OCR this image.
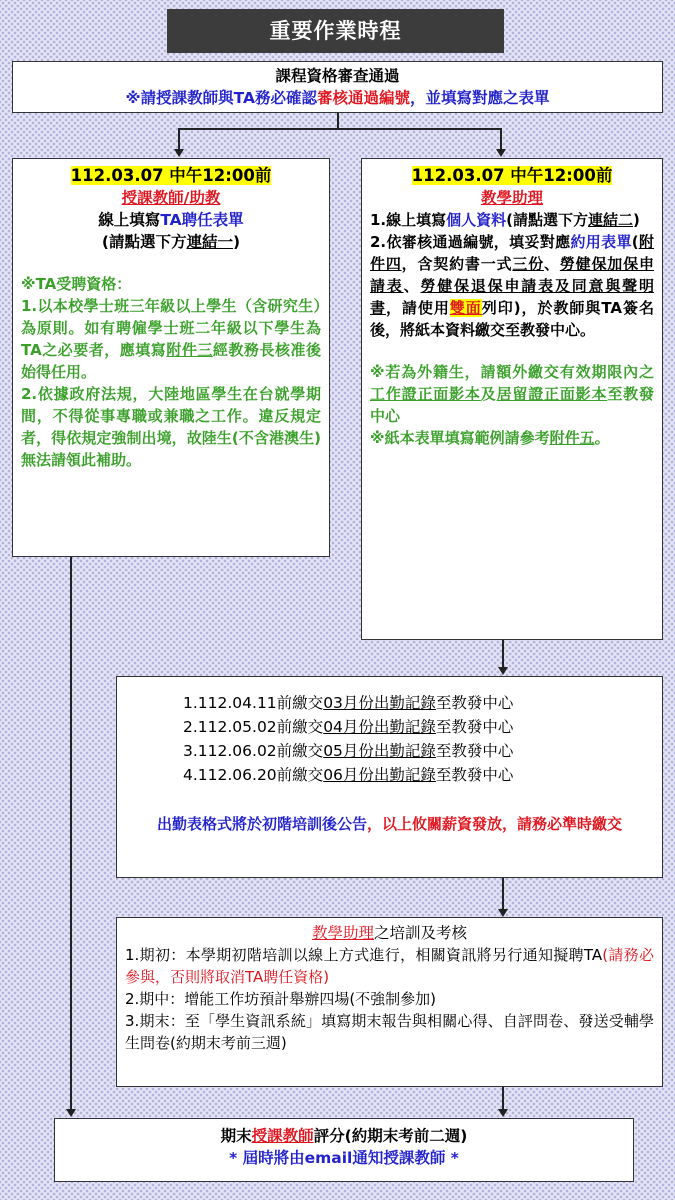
重要作業時程

課程資格審查通過

※請授課教師與TA務必確認審核通過編號，並填寫對應之表單

112.03.07 中午12:00前

授課教師/助教

線上填寫TA聘任表單

(請點選下方連結一)

※TA受聘資格：

1.以本校學士班三年級以上學生（含研究生）為原則。如有聘僱學士班二年級以下學生為TA之必要者，應填寫附件三經教務長核准後始得任用。

2.依據政府法規，大陸地區學生在台就學期間，不得從事專職或兼職之工作。違反規定者，得依規定強制出境，故陸生(不含港澳生)無法請領此補助。

112.03.07 中午12:00前

教學助理

1.線上填寫個人資料(請點選下方連結二)

2.依審核通過編號，填妥對應約用表單(附件四，含契約書一式三份、勞健保加保申請表、勞健保退保申請表及同意與聲明書，請使用雙面列印)，於教師與TA簽名後，將紙本資料繳交至教發中心。

※若為外籍生，請額外繳交有效期限內之工作證正面影本及居留證正面影本至教發中心

※紙本表單填寫範例請參考附件五。

1.112.04.11前繳交03月份出勤記錄至教發中心

2.112.05.02前繳交04月份出勤記錄至教發中心

3.112.06.02前繳交05月份出勤記錄至教發中心

4.112.06.20前繳交06月份出勤記錄至教發中心

出勤表格式將於初階培訓後公告，以上攸關薪資發放，請務必準時繳交

教學助理之培訓及考核

1.期初：本學期初階培訓以線上方式進行，相關資訊將另行通知擬聘TA(請務必參與，否則將取消TA聘任資格)

2.期中：增能工作坊預計舉辦四場(不強制參加)

3.期末：至「學生資訊系統」填寫期末報告與相關心得、自評問卷、發送受輔學生問卷(約期末考前三週)

期末授課教師評分(約期末考前二週)

* 屆時將由email通知授課教師 *
